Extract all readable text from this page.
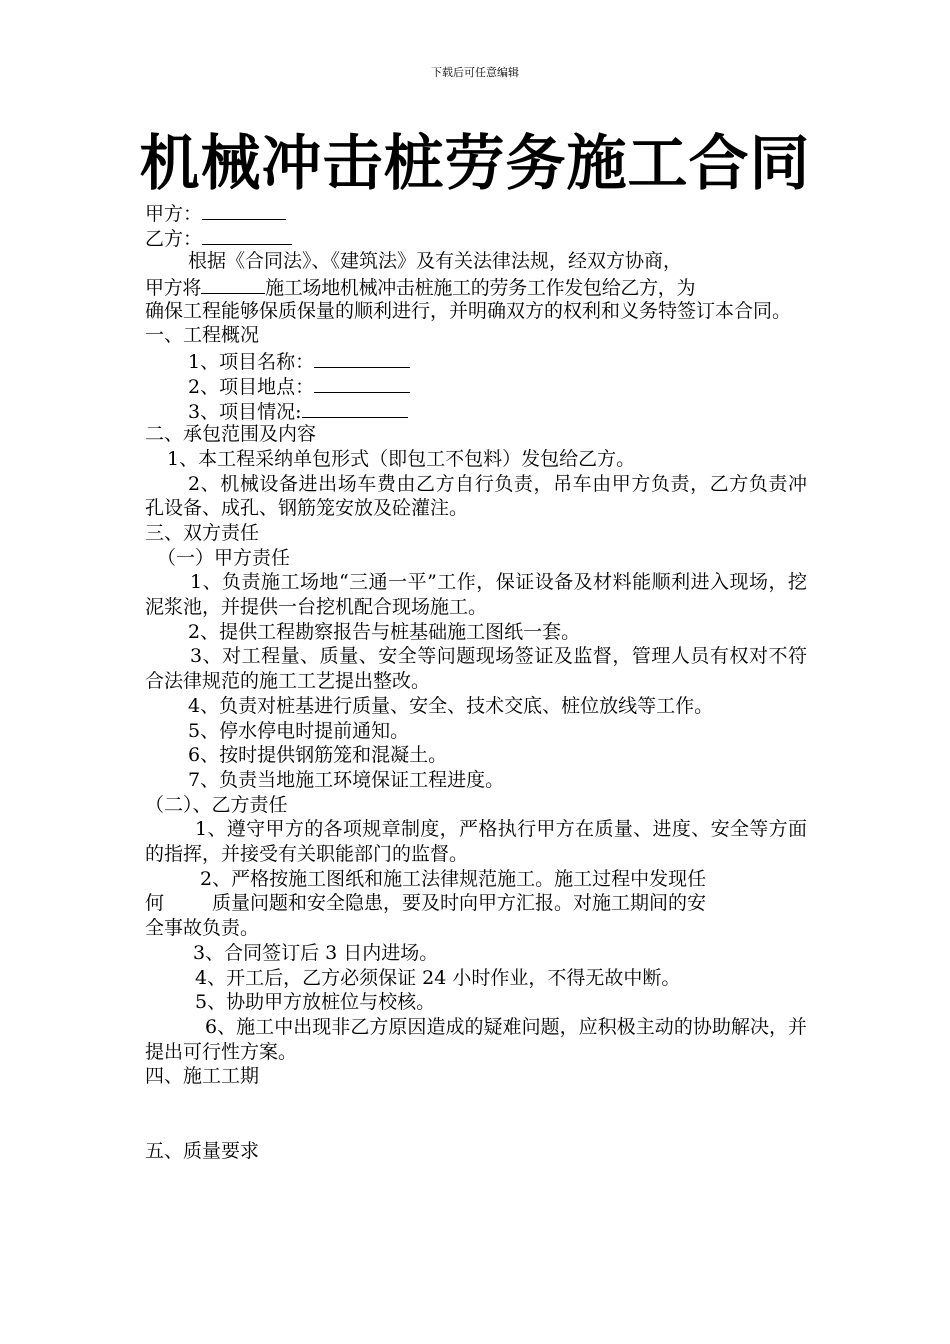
下载后可任意编辑
机械冲击桩劳务施工合同
甲方：
乙方：
根据《合同法》、《建筑法》及有关法律法规，经双方协商，
甲方将	施工场地机械冲击桩施工的劳务工作发包给乙方，为

确保工程能够保质保量的顺利进行，并明确双方的权利和义务特签订本合同。

一、工程概况
1、项目名称：
2、项目地点：
3、项目情况:
二、承包范围及内容
1、本工程采纳单包形式（即包工不包料）发包给乙方。

2、机械设备进出场车费由乙方自行负责，吊车由甲方负责，乙方负责冲孔设备、成孔、钢筋笼安放及砼灌注。

三、双方责任
（一）甲方责任

1、负责施工场地“三通一平”工作，保证设备及材料能顺利进入现场，挖泥浆池，并提供一台挖机配合现场施工。

2、提供工程勘察报告与桩基础施工图纸一套。

3、对工程量、质量、安全等问题现场签证及监督，管理人员有权对不符合法律规范的施工工艺提出整改。

4、负责对桩基进行质量、安全、技术交底、桩位放线等工作。

5、停水停电时提前通知。

6、按时提供钢筋笼和混凝土。

7、负责当地施工环境保证工程进度。

（二）、乙方责任

1、遵守甲方的各项规章制度，严格执行甲方在质量、进度、安全等方面的指挥，并接受有关职能部门的监督。

2、严格按施工图纸和施工法律规范施工。施工过程中发现任

何	质量问题和安全隐患，要及时向甲方汇报。对施工期间的安
全事故负责。

3、合同签订后 3 日内进场。

4、开工后，乙方必须保证 24 小时作业，不得无故中断。

5、协助甲方放桩位与校核。

6、施工中出现非乙方原因造成的疑难问题，应积极主动的协助解决，并提出可行性方案。

四、施工工期
五、质量要求
